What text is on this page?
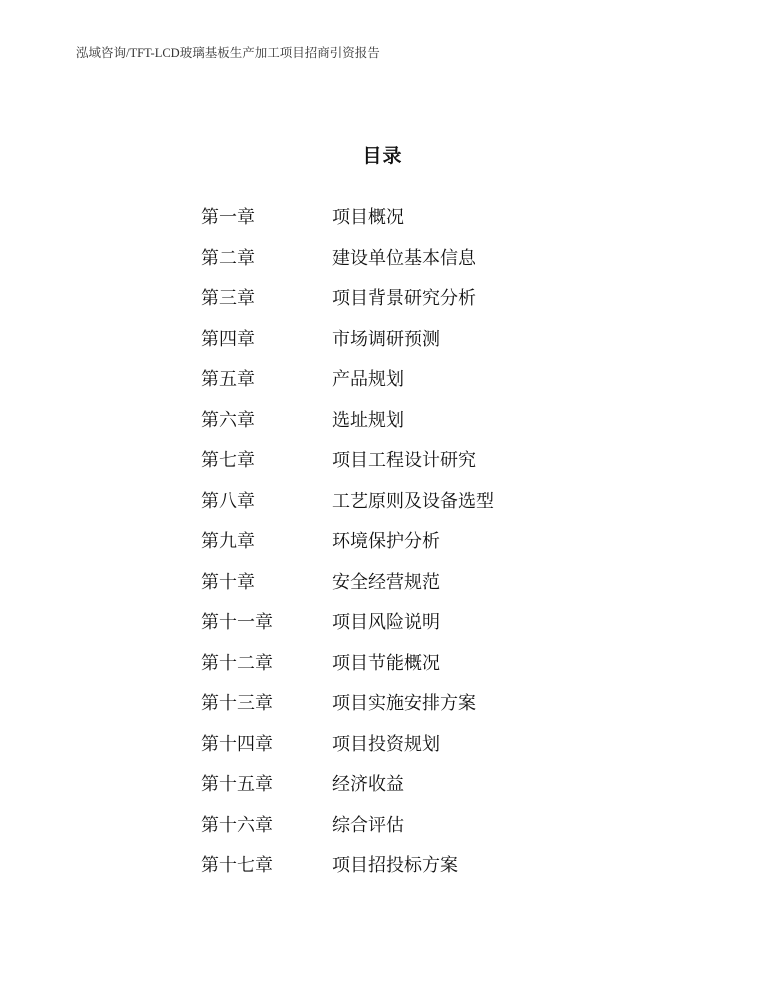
泓域咨询/TFT-LCD玻璃基板生产加工项目招商引资报告
目录
第一章	项目概况
第二章	建设单位基本信息
第三章	项目背景研究分析
第四章	市场调研预测
第五章	产品规划
第六章	选址规划
第七章	项目工程设计研究
第八章	工艺原则及设备选型
第九章	环境保护分析
第十章	安全经营规范
第十一章	项目风险说明
第十二章	项目节能概况
第十三章	项目实施安排方案
第十四章	项目投资规划
第十五章	经济收益
第十六章	综合评估
第十七章	项目招投标方案
